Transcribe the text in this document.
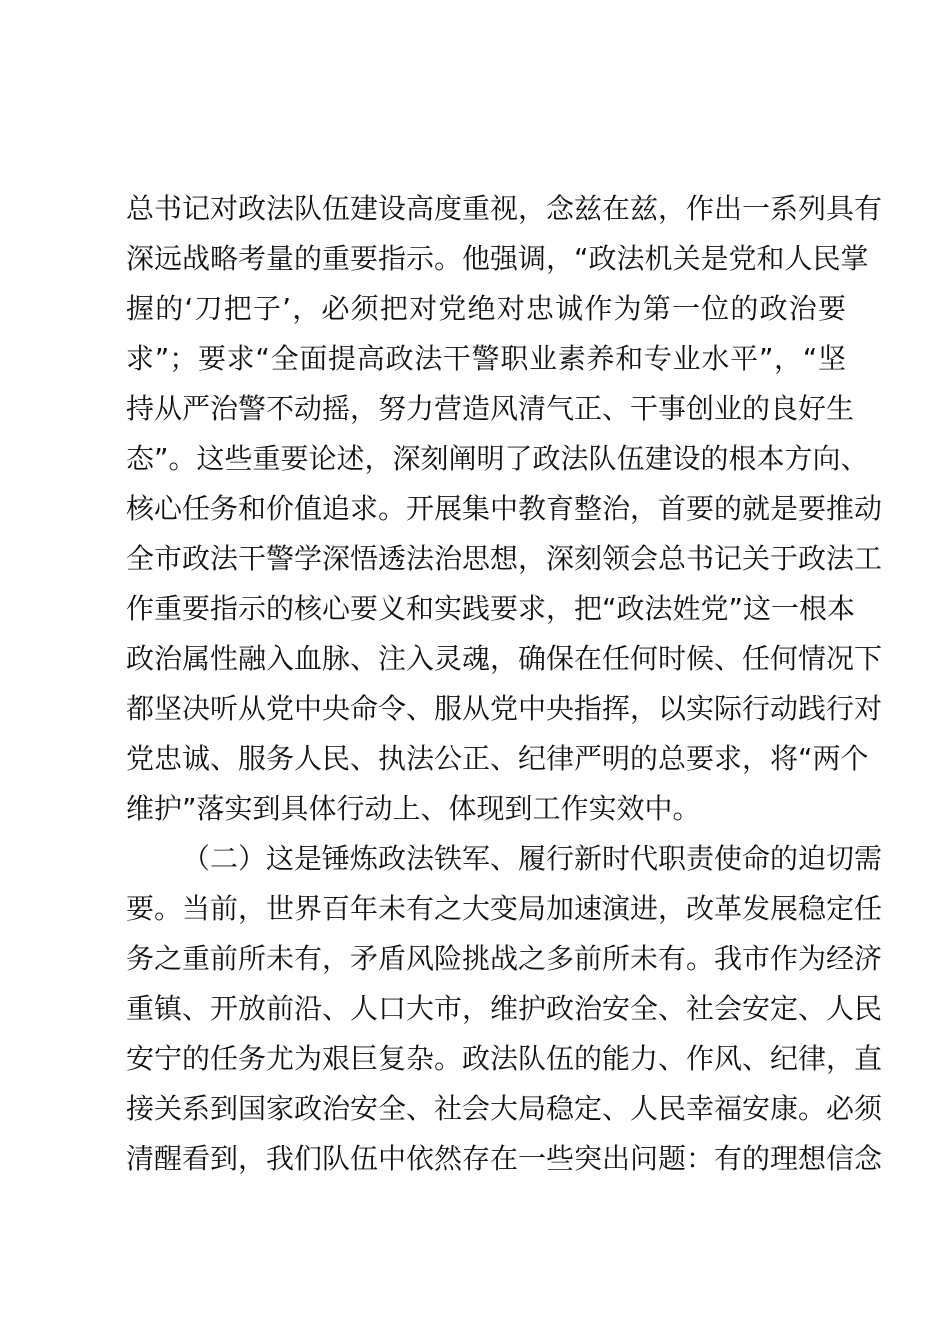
总书记对政法队伍建设高度重视，念兹在兹，作出一系列具有
深远战略考量的重要指示。他强调，“政法机关是党和人民掌
握的‘刀把子’，必须把对党绝对忠诚作为第一位的政治要
求”；要求“全面提高政法干警职业素养和专业水平”，“坚
持从严治警不动摇，努力营造风清气正、干事创业的良好生
态”。这些重要论述，深刻阐明了政法队伍建设的根本方向、
核心任务和价值追求。开展集中教育整治，首要的就是要推动
全市政法干警学深悟透法治思想，深刻领会总书记关于政法工
作重要指示的核心要义和实践要求，把“政法姓党”这一根本
政治属性融入血脉、注入灵魂，确保在任何时候、任何情况下
都坚决听从党中央命令、服从党中央指挥，以实际行动践行对
党忠诚、服务人民、执法公正、纪律严明的总要求，将“两个
维护”落实到具体行动上、体现到工作实效中。
（二）这是锤炼政法铁军、履行新时代职责使命的迫切需
要。当前，世界百年未有之大变局加速演进，改革发展稳定任
务之重前所未有，矛盾风险挑战之多前所未有。我市作为经济
重镇、开放前沿、人口大市，维护政治安全、社会安定、人民
安宁的任务尤为艰巨复杂。政法队伍的能力、作风、纪律，直
接关系到国家政治安全、社会大局稳定、人民幸福安康。必须
清醒看到，我们队伍中依然存在一些突出问题：有的理想信念
